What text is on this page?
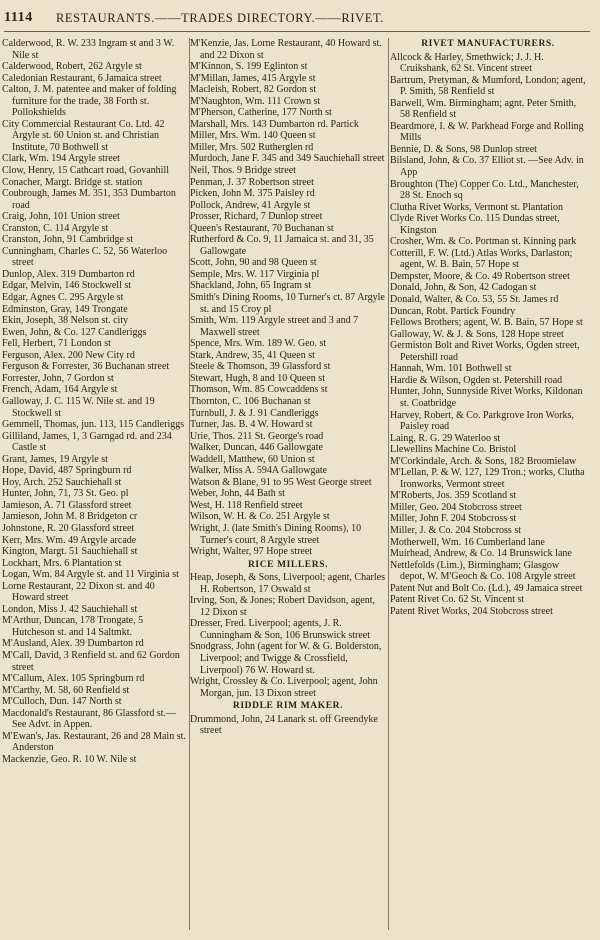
1114 RESTAURANTS.——TRADES DIRECTORY.——RIVET.
Calderwood, R. W. 233 Ingram st and 3 W. Nile st
Calderwood, Robert, 262 Argyle st
Caledonian Restaurant, 6 Jamaica street
Calton, J. M. patentee and maker of folding furniture for the trade, 38 Forth st. Pollokshields
City Commercial Restaurant Co. Ltd. 42 Argyle st. 60 Union st. and Christian Institute, 70 Bothwell st
Clark, Wm. 194 Argyle street
Clow, Henry, 15 Cathcart road, Govanhill
Conacher, Margt. Bridge st. station
Coubrough, James M. 351, 353 Dumbarton road
Craig, John, 101 Union street
Cranston, C. 114 Argyle st
Cranston, John, 91 Cambridge st
Cunningham, Charles C. 52, 56 Waterloo street
Dunlop, Alex. 319 Dumbarton rd
Edgar, Melvin, 146 Stockwell st
Edgar, Agnes C. 295 Argyle st
Edminston, Gray, 149 Trongate
Ekin, Joseph, 38 Nelson st. city
Ewen, John, & Co. 127 Candleriggs
Fell, Herbert, 71 London st
Ferguson, Alex. 200 New City rd
Ferguson & Forrester, 36 Buchanan street
Forrester, John, 7 Gordon st
French, Adam, 164 Argyle st
Galloway, J. C. 115 W. Nile st. and 19 Stockwell st
Gemmell, Thomas, jun. 113, 115 Candleriggs
Gilliland, James, 1, 3 Garngad rd. and 234 Castle st
Grant, James, 19 Argyle st
Hope, David, 487 Springburn rd
Hoy, Arch. 252 Sauchiehall st
Hunter, John, 71, 73 St. Geo. pl
Jamieson, A. 71 Glassford street
Jamieson, John M. 8 Bridgeton cr
Johnstone, R. 20 Glassford street
Kerr, Mrs. Wm. 49 Argyle arcade
Kington, Margt. 51 Sauchiehall st
Lockhart, Mrs. 6 Plantation st
Logan, Wm. 84 Argyle st. and 11 Virginia st
Lorne Restaurant, 22 Dixon st. and 40 Howard street
London, Miss J. 42 Sauchiehall st
M'Arthur, Duncan, 178 Trongate, 5 Hutcheson st. and 14 Saltmkt.
M'Ausland, Alex. 39 Dumbarton rd
M'Call, David, 3 Renfield st. and 62 Gordon street
M'Callum, Alex. 105 Springburn rd
M'Carthy, M. 58, 60 Renfield st
M'Culloch, Dun. 147 North st
Macdonald's Restaurant, 86 Glassford st.—See Advt. in Appen.
M'Ewan's, Jas. Restaurant, 26 and 28 Main st. Anderston
Mackenzie, Geo. R. 10 W. Nile st
M'Kenzie, Jas. Lorne Restaurant, 40 Howard st. and 22 Dixon st
M'Kinnon, S. 199 Eglinton st
M'Millan, James, 415 Argyle st
Macleish, Robert, 82 Gordon st
M'Naughton, Wm. 111 Crown st
M'Pherson, Catherine, 177 North st
Marshall, Mrs. 143 Dumbarton rd. Partick
Miller, Mrs. Wm. 140 Queen st
Miller, Mrs. 502 Rutherglen rd
Murdoch, Jane F. 345 and 349 Sauchiehall street
Neil, Thos. 9 Bridge street
Penman, J. 37 Robertson street
Picken, John M. 375 Paisley rd
Pollock, Andrew, 41 Argyle st
Prosser, Richard, 7 Dunlop street
Queen's Restaurant, 70 Buchanan st
Rutherford & Co. 9, 11 Jamaica st. and 31, 35 Gallowgate
Scott, John, 90 and 98 Queen st
Semple, Mrs. W. 117 Virginia pl
Shackland, John, 65 Ingram st
Smith's Dining Rooms, 10 Turner's ct. 87 Argyle st. and 15 Croy pl
Smith, Wm. 119 Argyle street and 3 and 7 Maxwell street
Spence, Mrs. Wm. 189 W. Geo. st
Stark, Andrew, 35, 41 Queen st
Steele & Thomson, 39 Glassford st
Stewart, Hugh, 8 and 10 Queen st
Thomson, Wm. 85 Cowcaddens st
Thornton, C. 106 Buchanan st
Turnbull, J. & J. 91 Candleriggs
Turner, Jas. B. 4 W. Howard st
Urie, Thos. 211 St. George's road
Walker, Duncan, 446 Gallowgate
Waddell, Matthew, 60 Union st
Walker, Miss A. 594A Gallowgate
Watson & Blane, 91 to 95 West George street
Weber, John, 44 Bath st
West, H. 118 Renfield street
Wilson, W. H. & Co. 251 Argyle st
Wright, J. (late Smith's Dining Rooms), 10 Turner's court, 8 Argyle street
Wright, Walter, 97 Hope street
RICE MILLERS.
Heap, Joseph, & Sons, Liverpool; agent, Charles H. Robertson, 17 Oswald st
Irving, Son, & Jones; Robert Davidson, agent, 12 Dixon st
Dresser, Fred. Liverpool; agents, J. R. Cunningham & Son, 106 Brunswick street
Snodgrass, John (agent for W. & G. Bolderston, Liverpool; and Twigge & Crossfield, Liverpool) 76 W. Howard st.
Wright, Crossley & Co. Liverpool; agent, John Morgan, jun. 13 Dixon street
RIDDLE RIM MAKER.
Drummond, John, 24 Lanark st. off Greendyke street
RIVET MANUFACTURERS.
Allcock & Harley, Smethwick; J. J. H. Cruikshank, 62 St. Vincent street
Bartrum, Pretyman, & Mumford, London; agent, P. Smith, 58 Renfield st
Barwell, Wm. Birmingham; agnt. Peter Smith, 58 Renfield st
Beardmore, I. & W. Parkhead Forge and Rolling Mills
Bennie, D. & Sons, 98 Dunlop street
Bilsland, John, & Co. 37 Elliot st. —See Adv. in App
Broughton (The) Copper Co. Ltd., Manchester, 28 St. Enoch sq
Clutha Rivet Works, Vermont st. Plantation
Clyde Rivet Works Co. 115 Dundas street, Kingston
Crosher, Wm. & Co. Portman st. Kinning park
Cotterill, F. W. (Ltd.) Atlas Works, Darlaston; agent, W. B. Bain, 57 Hope st
Dempster, Moore, & Co. 49 Robertson street
Donald, John, & Son, 42 Cadogan st
Donald, Walter, & Co. 53, 55 St. James rd
Duncan, Robt. Partick Foundry
Fellows Brothers; agent, W. B. Bain, 57 Hope st
Galloway, W. & J. & Sons, 128 Hope street
Germiston Bolt and Rivet Works, Ogden street, Petershill road
Hannah, Wm. 101 Bothwell st
Hardie & Wilson, Ogden st. Petershill road
Hunter, John, Sunnyside Rivet Works, Kildonan st. Coatbridge
Harvey, Robert, & Co. Parkgrove Iron Works, Paisley road
Laing, R. G. 29 Waterloo st
Llewellins Machine Co. Bristol
M'Corkindale, Arch. & Sons, 182 Broomielaw
M'Lellan, P. & W. 127, 129 Tron.; works, Clutha Ironworks, Vermont street
M'Roberts, Jos. 359 Scotland st
Miller, Geo. 204 Stobcross street
Miller, John F. 204 Stobcross st
Miller, J. & Co. 204 Stobcross st
Motherwell, Wm. 16 Cumberland lane
Muirhead, Andrew, & Co. 14 Brunswick lane
Nettlefolds (Lim.), Birmingham; Glasgow depot, W. M'Geoch & Co. 108 Argyle street
Patent Nut and Bolt Co. (Ld.), 49 Jamaica street
Patent Rivet Co. 62 St. Vincent st
Patent Rivet Works, 204 Stobcross street
